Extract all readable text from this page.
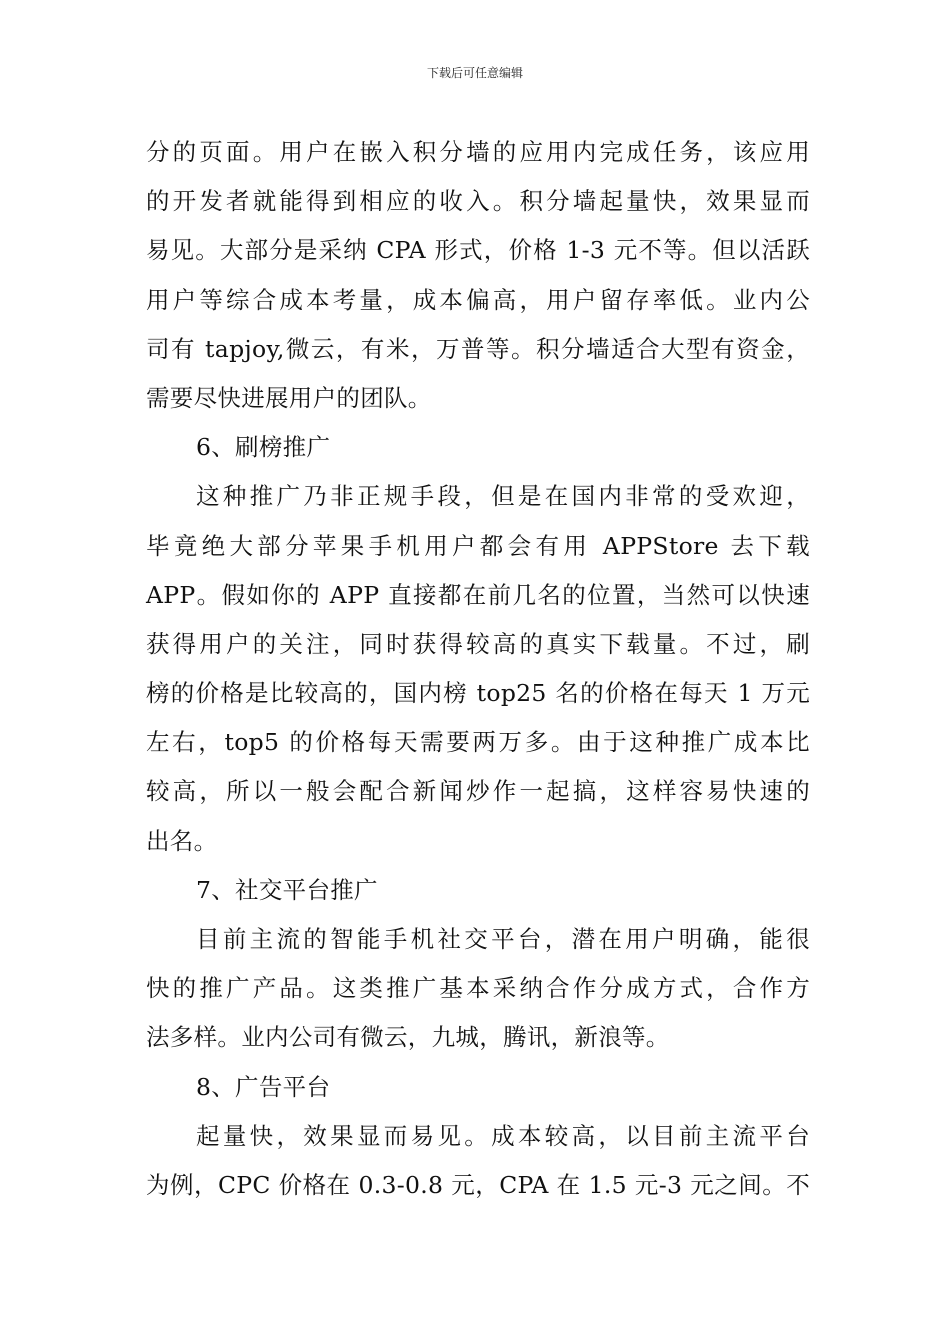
下载后可任意编辑
分的页面。用户在嵌入积分墙的应用内完成任务，该应用
的开发者就能得到相应的收入。积分墙起量快，效果显而
易见。大部分是采纳 CPA 形式，价格 1-3 元不等。但以活跃
用户等综合成本考量，成本偏高，用户留存率低。业内公
司有 tapjoy,微云，有米，万普等。积分墙适合大型有资金，
需要尽快进展用户的团队。
6、刷榜推广
这种推广乃非正规手段，但是在国内非常的受欢迎，
毕竟绝大部分苹果手机用户都会有用 APPStore 去下载
APP。假如你的 APP 直接都在前几名的位置，当然可以快速
获得用户的关注，同时获得较高的真实下载量。不过，刷
榜的价格是比较高的，国内榜 top25 名的价格在每天 1 万元
左右，top5 的价格每天需要两万多。由于这种推广成本比
较高，所以一般会配合新闻炒作一起搞，这样容易快速的
出名。
7、社交平台推广
目前主流的智能手机社交平台，潜在用户明确，能很
快的推广产品。这类推广基本采纳合作分成方式，合作方
法多样。业内公司有微云，九城，腾讯，新浪等。
8、广告平台
起量快，效果显而易见。成本较高，以目前主流平台
为例，CPC 价格在 0.3-0.8 元，CPA 在 1.5 元-3 元之间。不
